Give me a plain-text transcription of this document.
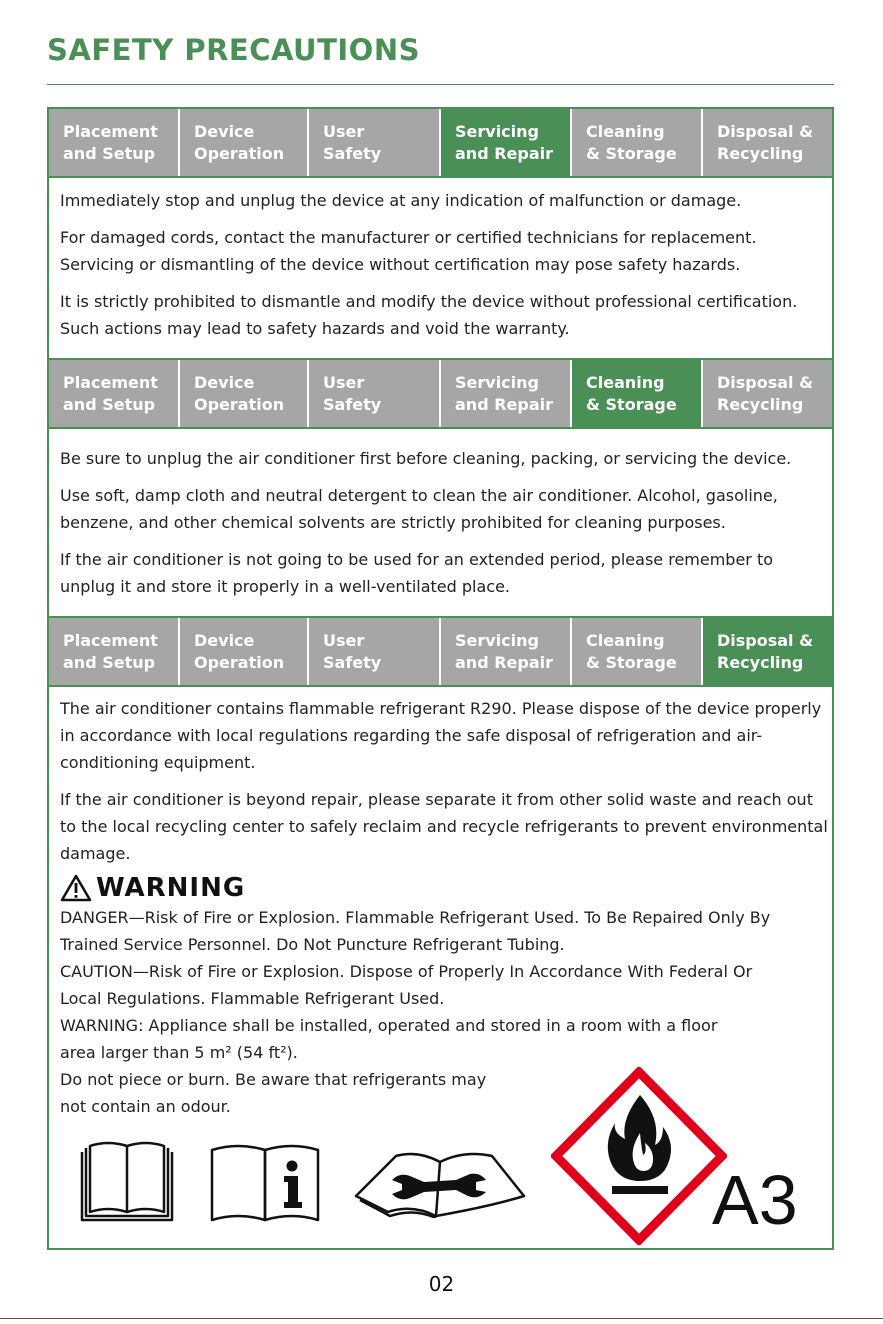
SAFETY PRECAUTIONS
Placement
and Setup
Device
Operation
User
Safety
Servicing
and Repair
Cleaning
& Storage
Disposal &
Recycling

Immediately stop and unplug the device at any indication of malfunction or damage.

For damaged cords, contact the manufacturer or certified technicians for replacement. Servicing or dismantling of the device without certification may pose safety hazards.

It is strictly prohibited to dismantle and modify the device without professional certification. Such actions may lead to safety hazards and void the warranty.

Placement
and Setup
Device
Operation
User
Safety
Servicing
and Repair
Cleaning
& Storage
Disposal &
Recycling

Be sure to unplug the air conditioner first before cleaning, packing, or servicing the device.

Use soft, damp cloth and neutral detergent to clean the air conditioner. Alcohol, gasoline, benzene, and other chemical solvents are strictly prohibited for cleaning purposes.

If the air conditioner is not going to be used for an extended period, please remember to unplug it and store it properly in a well-ventilated place.

Placement
and Setup
Device
Operation
User
Safety
Servicing
and Repair
Cleaning
& Storage
Disposal &
Recycling

The air conditioner contains flammable refrigerant R290. Please dispose of the device properly in accordance with local regulations regarding the safe disposal of refrigeration and air-conditioning equipment.

If the air conditioner is beyond repair, please separate it from other solid waste and reach out to the local recycling center to safely reclaim and recycle refrigerants to prevent environmental damage.

WARNING

DANGER—Risk of Fire or Explosion. Flammable Refrigerant Used. To Be Repaired Only By

Trained Service Personnel. Do Not Puncture Refrigerant Tubing.

CAUTION—Risk of Fire or Explosion. Dispose of Properly In Accordance With Federal Or

Local Regulations. Flammable Refrigerant Used.

WARNING: Appliance shall be installed, operated and stored in a room with a floor

area larger than 5 m² (54 ft²).

Do not piece or burn. Be aware that refrigerants may

not contain an odour.

A3
02
